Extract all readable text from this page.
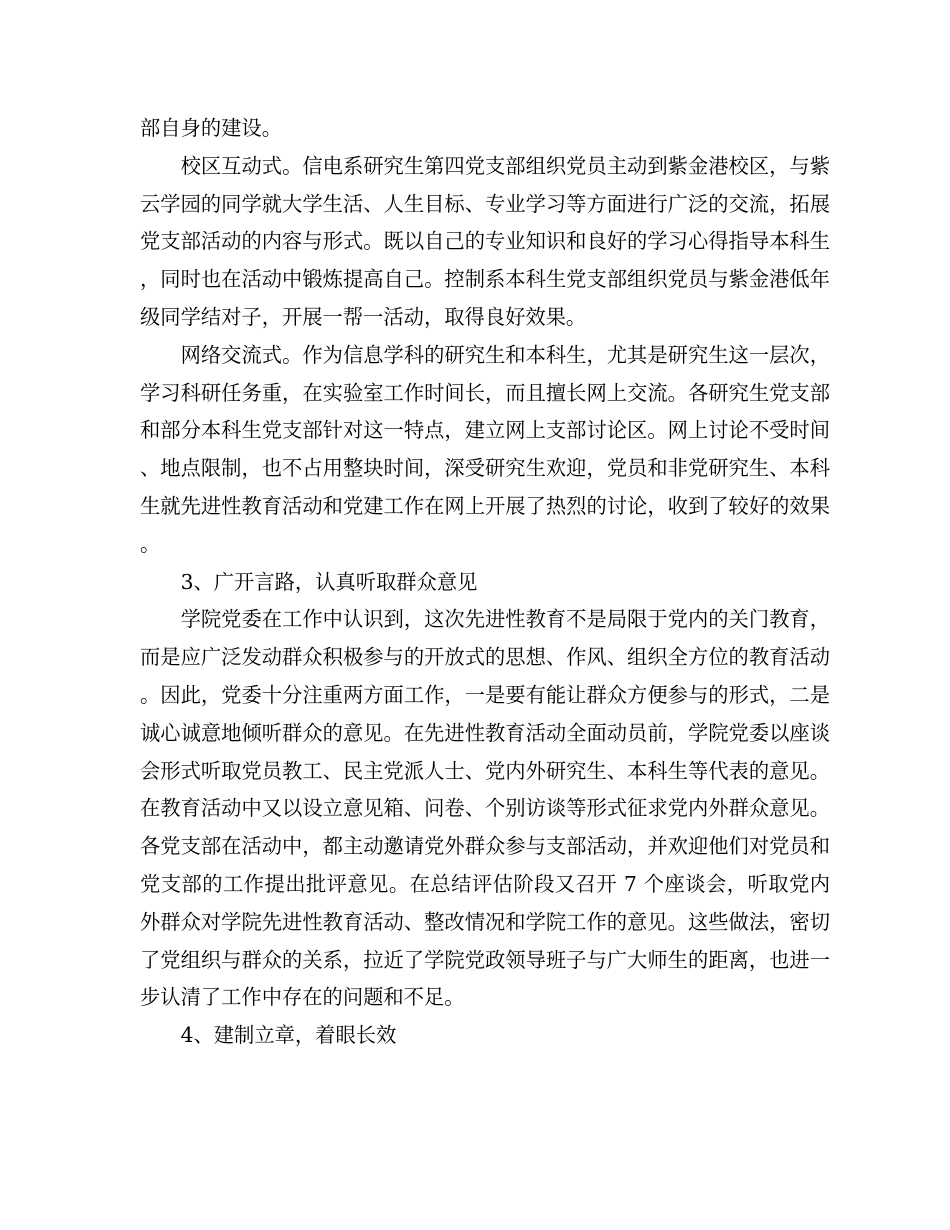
部自身的建设。

校区互动式。信电系研究生第四党支部组织党员主动到紫金港校区，与紫云学园的同学就大学生活、人生目标、专业学习等方面进行广泛的交流，拓展党支部活动的内容与形式。既以自己的专业知识和良好的学习心得指导本科生，同时也在活动中锻炼提高自己。控制系本科生党支部组织党员与紫金港低年级同学结对子，开展一帮一活动，取得良好效果。

网络交流式。作为信息学科的研究生和本科生，尤其是研究生这一层次，学习科研任务重，在实验室工作时间长，而且擅长网上交流。各研究生党支部和部分本科生党支部针对这一特点，建立网上支部讨论区。网上讨论不受时间、地点限制，也不占用整块时间，深受研究生欢迎，党员和非党研究生、本科生就先进性教育活动和党建工作在网上开展了热烈的讨论，收到了较好的效果。

3、广开言路，认真听取群众意见

学院党委在工作中认识到，这次先进性教育不是局限于党内的关门教育，而是应广泛发动群众积极参与的开放式的思想、作风、组织全方位的教育活动。因此，党委十分注重两方面工作，一是要有能让群众方便参与的形式，二是诚心诚意地倾听群众的意见。在先进性教育活动全面动员前，学院党委以座谈会形式听取党员教工、民主党派人士、党内外研究生、本科生等代表的意见。在教育活动中又以设立意见箱、问卷、个别访谈等形式征求党内外群众意见。各党支部在活动中，都主动邀请党外群众参与支部活动，并欢迎他们对党员和党支部的工作提出批评意见。在总结评估阶段又召开 7 个座谈会，听取党内外群众对学院先进性教育活动、整改情况和学院工作的意见。这些做法，密切了党组织与群众的关系，拉近了学院党政领导班子与广大师生的距离，也进一步认清了工作中存在的问题和不足。

4、建制立章，着眼长效
